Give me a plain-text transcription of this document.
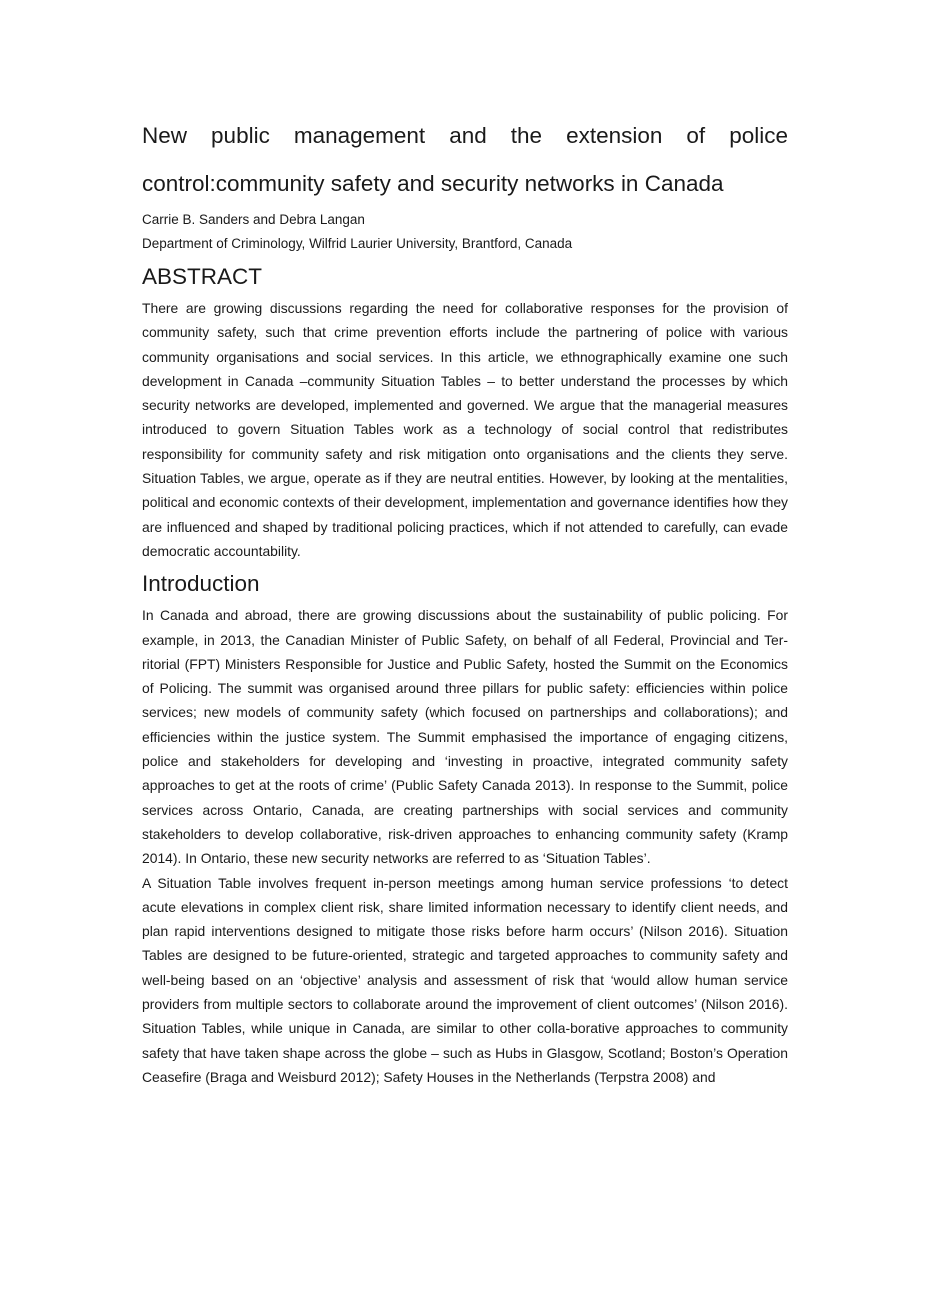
New public management and the extension of police control:community safety and security networks in Canada

Carrie B. Sanders and Debra Langan

Department of Criminology, Wilfrid Laurier University, Brantford, Canada

ABSTRACT

There are growing discussions regarding the need for collaborative responses for the provision of community safety, such that crime prevention efforts include the partnering of police with various community organisations and social services. In this article, we ethnographically examine one such development in Canada –community Situation Tables – to better understand the processes by which security networks are developed, implemented and governed. We argue that the managerial measures introduced to govern Situation Tables work as a technology of social control that redistributes responsibility for community safety and risk mitigation onto organisations and the clients they serve. Situation Tables, we argue, operate as if they are neutral entities. However, by looking at the mentalities, political and economic contexts of their development, implementation and governance identifies how they are influenced and shaped by traditional policing practices, which if not attended to carefully, can evade democratic accountability.

Introduction

In Canada and abroad, there are growing discussions about the sustainability of public policing. For example, in 2013, the Canadian Minister of Public Safety, on behalf of all Federal, Provincial and Ter-ritorial (FPT) Ministers Responsible for Justice and Public Safety, hosted the Summit on the Economics of Policing. The summit was organised around three pillars for public safety: efficiencies within police services; new models of community safety (which focused on partnerships and collaborations); and efficiencies within the justice system. The Summit emphasised the importance of engaging citizens, police and stakeholders for developing and ‘investing in proactive, integrated community safety approaches to get at the roots of crime’ (Public Safety Canada 2013). In response to the Summit, police services across Ontario, Canada, are creating partnerships with social services and community stakeholders to develop collaborative, risk-driven approaches to enhancing community safety (Kramp 2014). In Ontario, these new security networks are referred to as ‘Situation Tables’.

A Situation Table involves frequent in-person meetings among human service professions ‘to detect acute elevations in complex client risk, share limited information necessary to identify client needs, and plan rapid interventions designed to mitigate those risks before harm occurs’ (Nilson 2016). Situation Tables are designed to be future-oriented, strategic and targeted approaches to community safety and well-being based on an ‘objective’ analysis and assessment of risk that ‘would allow human service providers from multiple sectors to collaborate around the improvement of client outcomes’ (Nilson 2016). Situation Tables, while unique in Canada, are similar to other colla-borative approaches to community safety that have taken shape across the globe – such as Hubs in Glasgow, Scotland; Boston’s Operation Ceasefire (Braga and Weisburd 2012); Safety Houses in the Netherlands (Terpstra 2008) and
